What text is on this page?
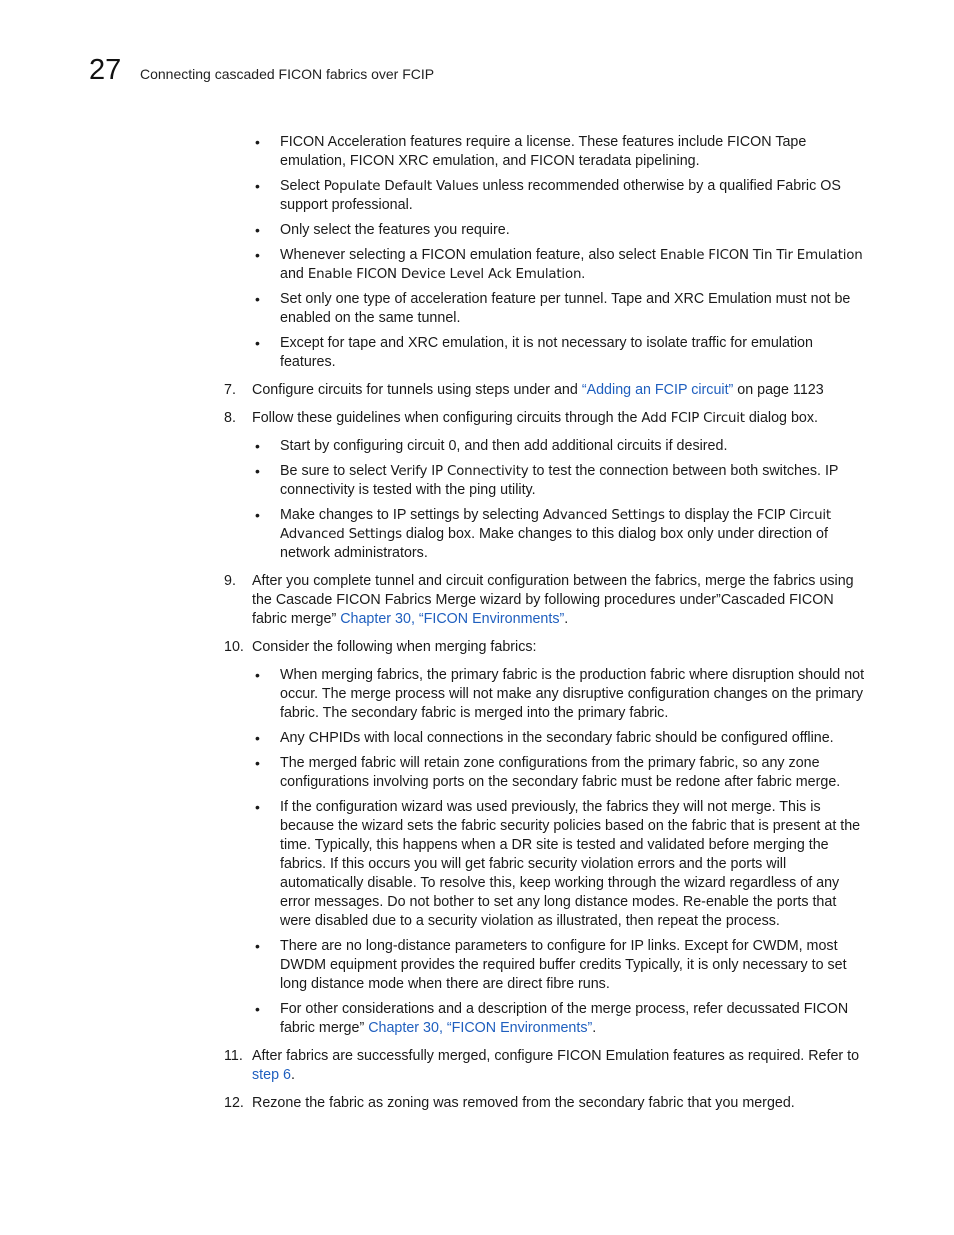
27 Connecting cascaded FICON fabrics over FCIP
• FICON Acceleration features require a license. These features include FICON Tape emulation, FICON XRC emulation, and FICON teradata pipelining.
• Select Populate Default Values unless recommended otherwise by a qualified Fabric OS support professional.
• Only select the features you require.
• Whenever selecting a FICON emulation feature, also select Enable FICON Tin Tir Emulation and Enable FICON Device Level Ack Emulation.
• Set only one type of acceleration feature per tunnel. Tape and XRC Emulation must not be enabled on the same tunnel.
• Except for tape and XRC emulation, it is not necessary to isolate traffic for emulation features.
7. Configure circuits for tunnels using steps under and “Adding an FCIP circuit” on page 1123
8. Follow these guidelines when configuring circuits through the Add FCIP Circuit dialog box.
• Start by configuring circuit 0, and then add additional circuits if desired.
• Be sure to select Verify IP Connectivity to test the connection between both switches. IP connectivity is tested with the ping utility.
• Make changes to IP settings by selecting Advanced Settings to display the FCIP Circuit Advanced Settings dialog box. Make changes to this dialog box only under direction of network administrators.
9. After you complete tunnel and circuit configuration between the fabrics, merge the fabrics using the Cascade FICON Fabrics Merge wizard by following procedures under”Cascaded FICON fabric merge” Chapter 30, “FICON Environments”.
10. Consider the following when merging fabrics:
• When merging fabrics, the primary fabric is the production fabric where disruption should not occur. The merge process will not make any disruptive configuration changes on the primary fabric. The secondary fabric is merged into the primary fabric.
• Any CHPIDs with local connections in the secondary fabric should be configured offline.
• The merged fabric will retain zone configurations from the primary fabric, so any zone configurations involving ports on the secondary fabric must be redone after fabric merge.
• If the configuration wizard was used previously, the fabrics they will not merge. This is because the wizard sets the fabric security policies based on the fabric that is present at the time. Typically, this happens when a DR site is tested and validated before merging the fabrics. If this occurs you will get fabric security violation errors and the ports will automatically disable. To resolve this, keep working through the wizard regardless of any error messages. Do not bother to set any long distance modes. Re-enable the ports that were disabled due to a security violation as illustrated, then repeat the process.
• There are no long-distance parameters to configure for IP links. Except for CWDM, most DWDM equipment provides the required buffer credits Typically, it is only necessary to set long distance mode when there are direct fibre runs.
• For other considerations and a description of the merge process, refer decussated FICON fabric merge” Chapter 30, “FICON Environments”.
11. After fabrics are successfully merged, configure FICON Emulation features as required. Refer to step 6.
12. Rezone the fabric as zoning was removed from the secondary fabric that you merged.
